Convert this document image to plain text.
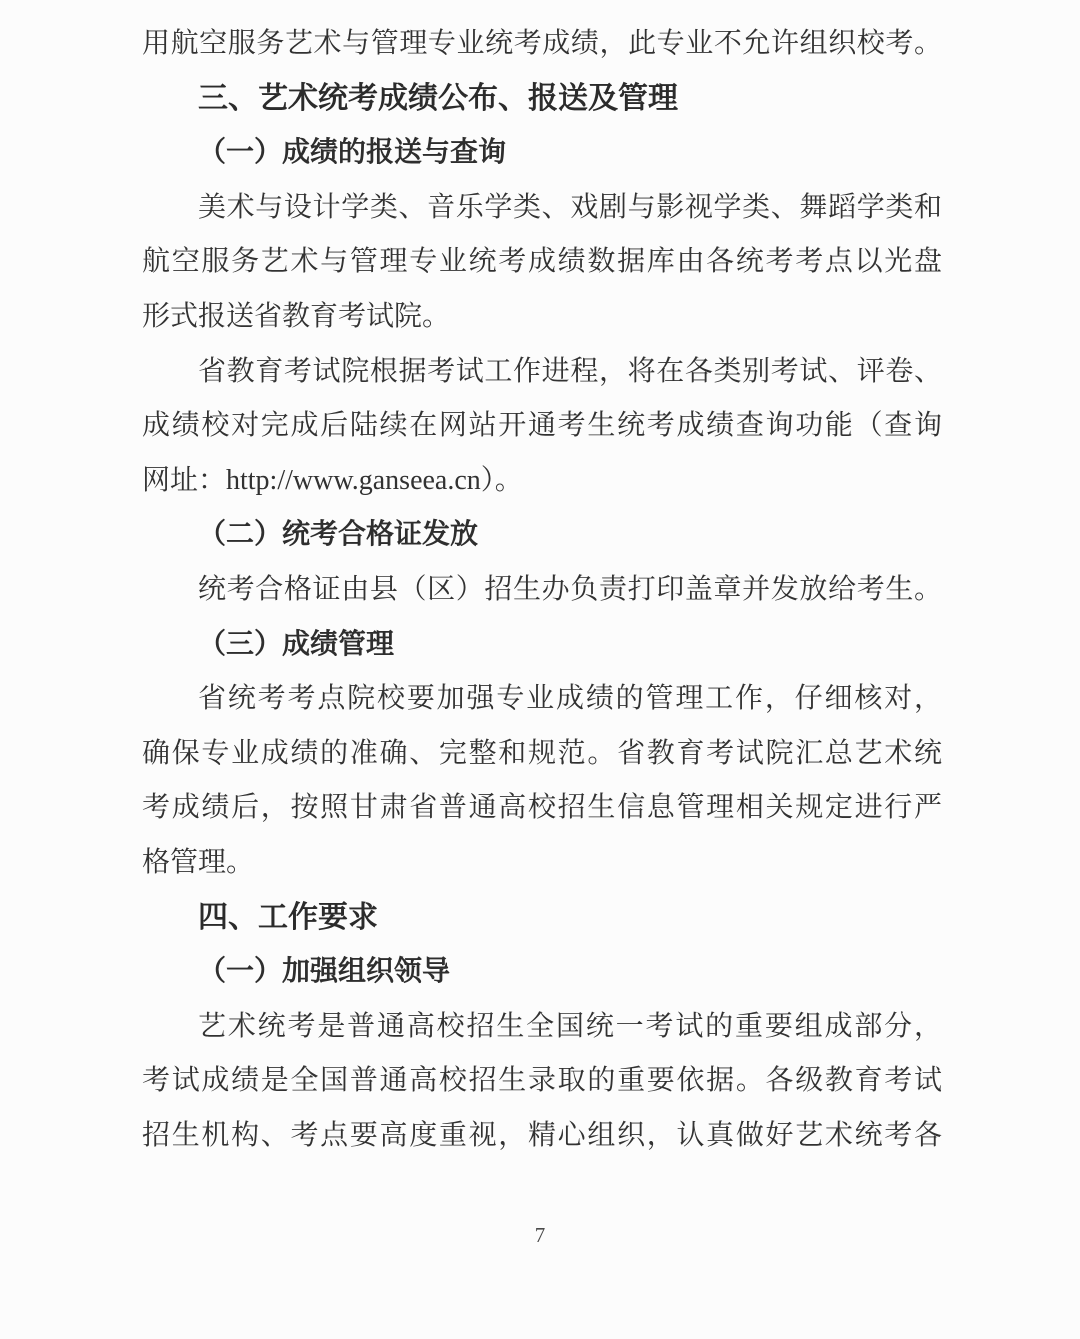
用航空服务艺术与管理专业统考成绩，此专业不允许组织校考。
三、艺术统考成绩公布、报送及管理
（一）成绩的报送与查询
美术与设计学类、音乐学类、戏剧与影视学类、舞蹈学类和
航空服务艺术与管理专业统考成绩数据库由各统考考点以光盘
形式报送省教育考试院。
省教育考试院根据考试工作进程，将在各类别考试、评卷、
成绩校对完成后陆续在网站开通考生统考成绩查询功能（查询
网址：http://www.ganseea.cn）。
（二）统考合格证发放
统考合格证由县（区）招生办负责打印盖章并发放给考生。
（三）成绩管理
省统考考点院校要加强专业成绩的管理工作，仔细核对，
确保专业成绩的准确、完整和规范。省教育考试院汇总艺术统
考成绩后，按照甘肃省普通高校招生信息管理相关规定进行严
格管理。
四、工作要求
（一）加强组织领导
艺术统考是普通高校招生全国统一考试的重要组成部分，
考试成绩是全国普通高校招生录取的重要依据。各级教育考试
招生机构、考点要高度重视，精心组织，认真做好艺术统考各
7
